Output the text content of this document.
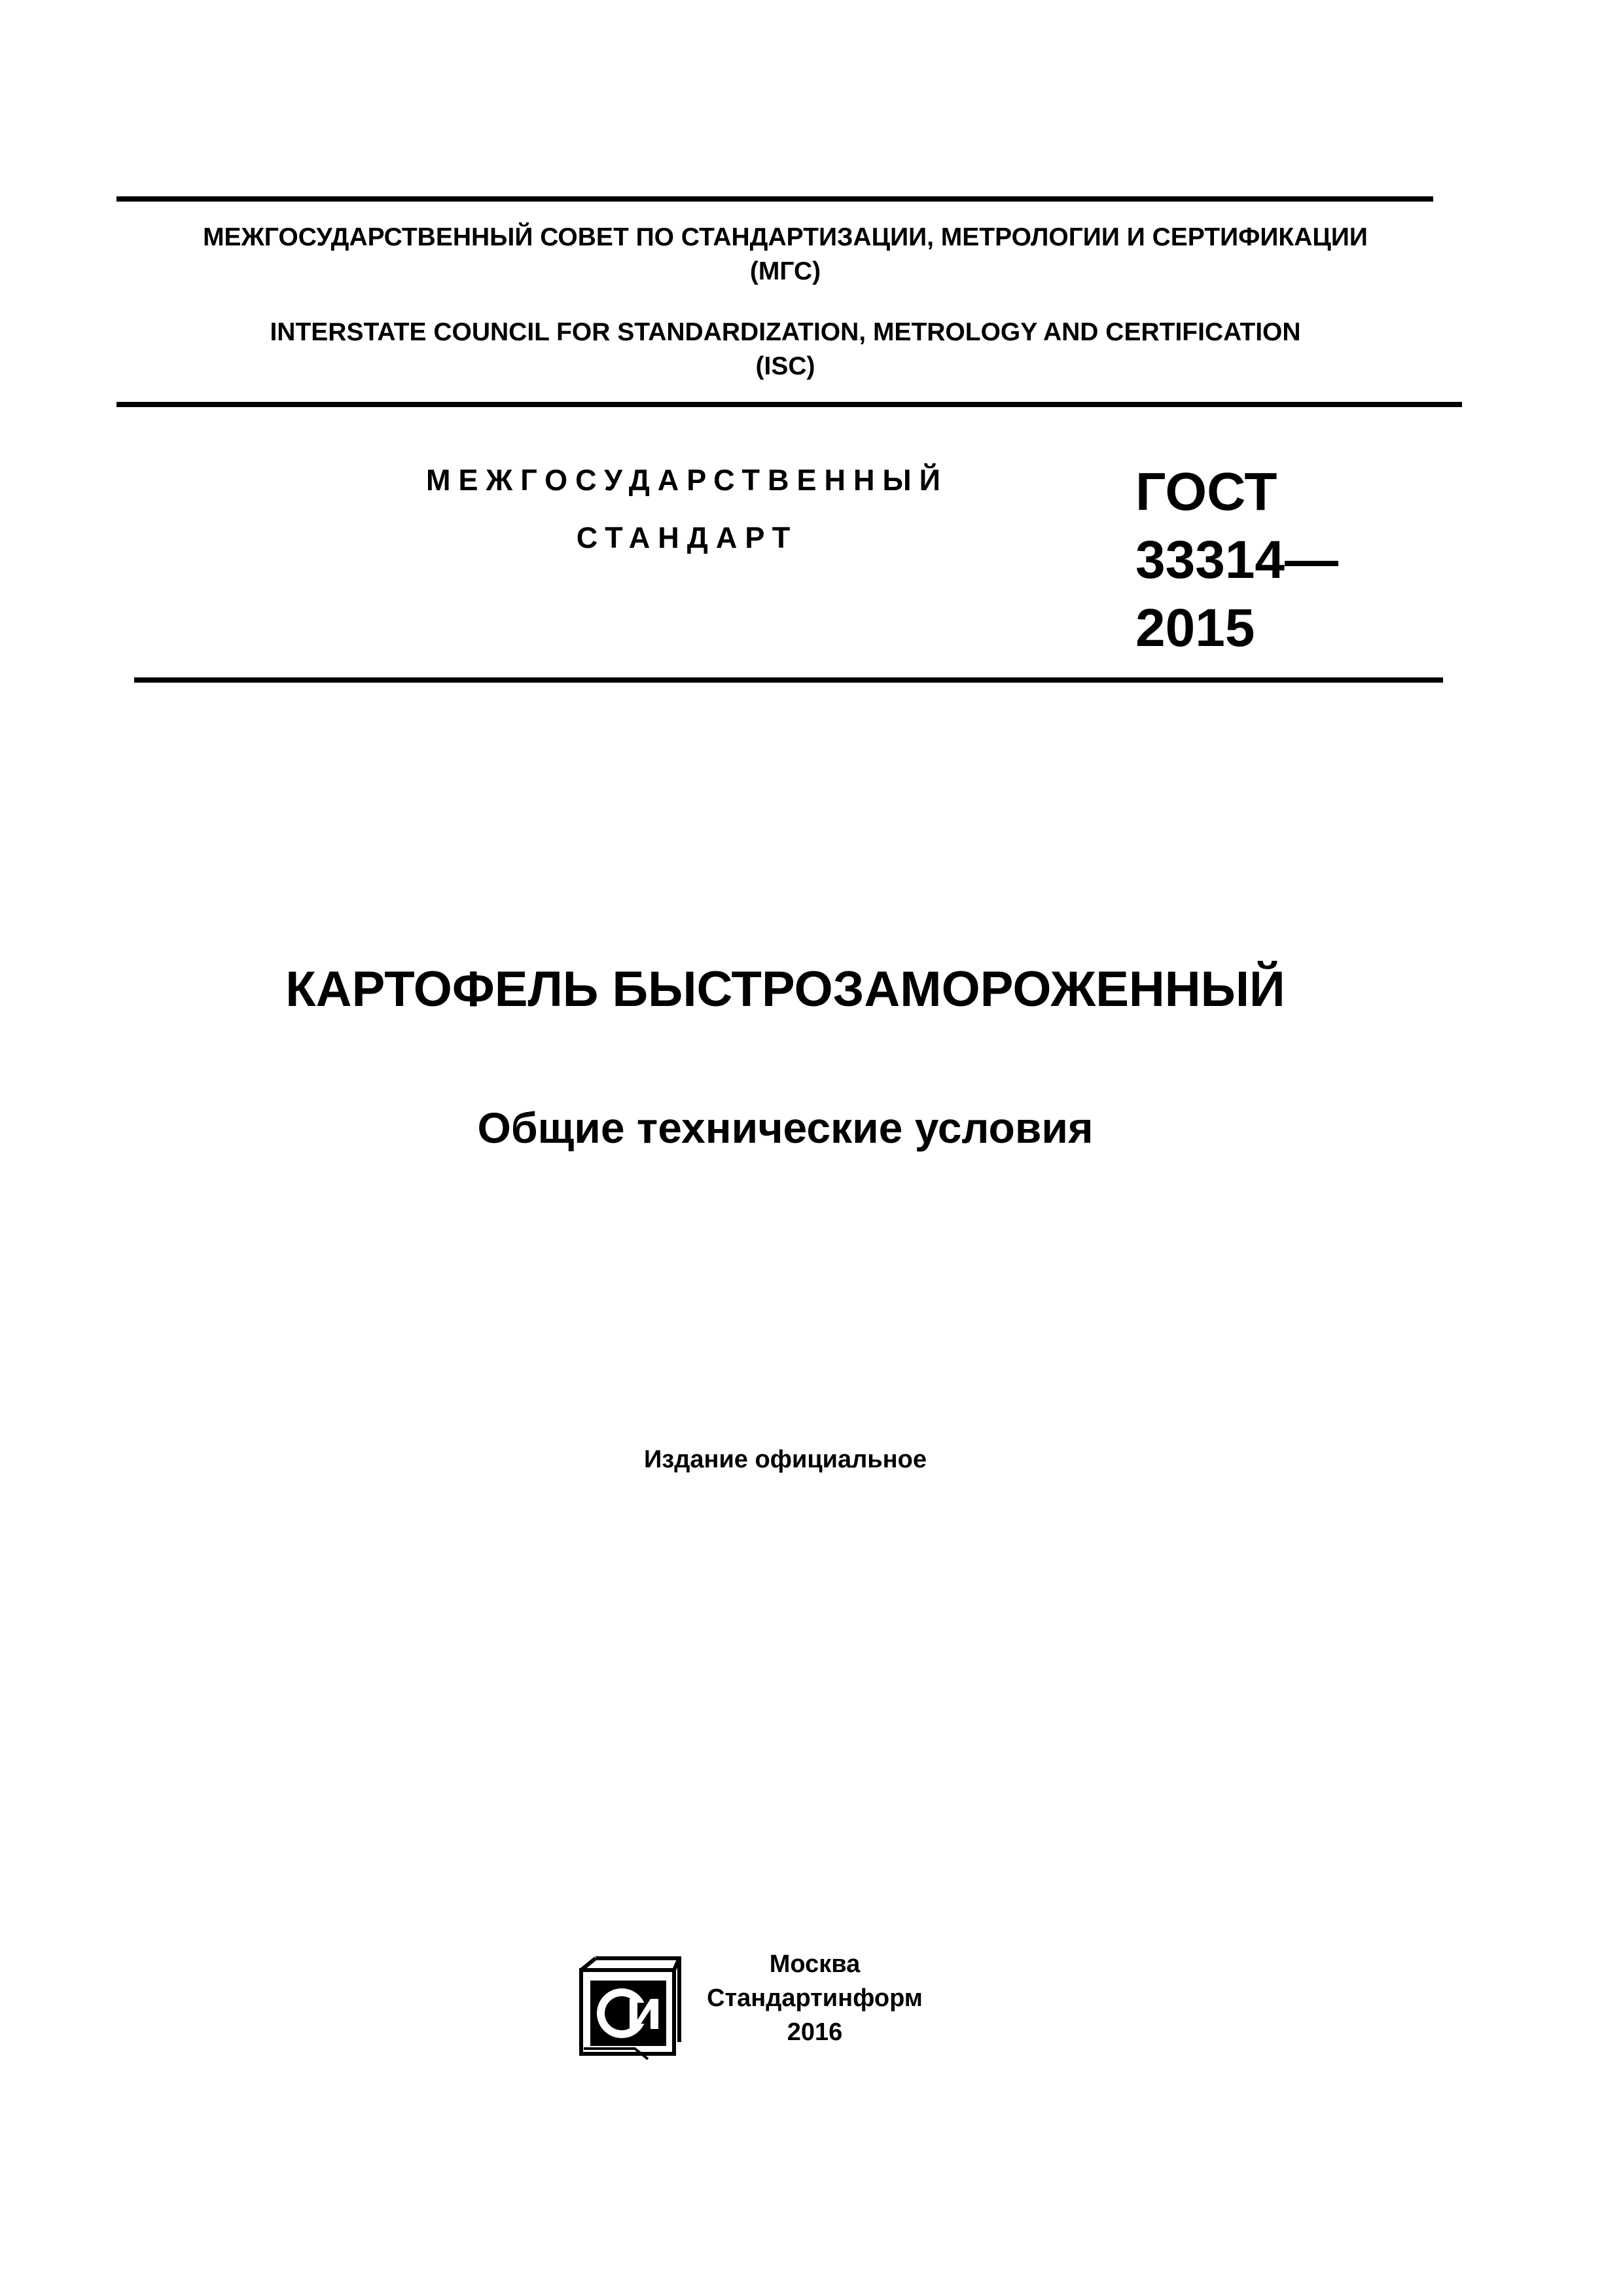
МЕЖГОСУДАРСТВЕННЫЙ СОВЕТ ПО СТАНДАРТИЗАЦИИ, МЕТРОЛОГИИ И СЕРТИФИКАЦИИ
(МГС)
INTERSTATE COUNCIL FOR STANDARDIZATION, METROLOGY AND CERTIFICATION
(ISC)
МЕЖГОСУДАРСТВЕННЫЙ
СТАНДАРТ
ГОСТ
33314—
2015
КАРТОФЕЛЬ БЫСТРОЗАМОРОЖЕННЫЙ
Общие технические условия
Издание официальное
Москва
Стандартинформ
2016
